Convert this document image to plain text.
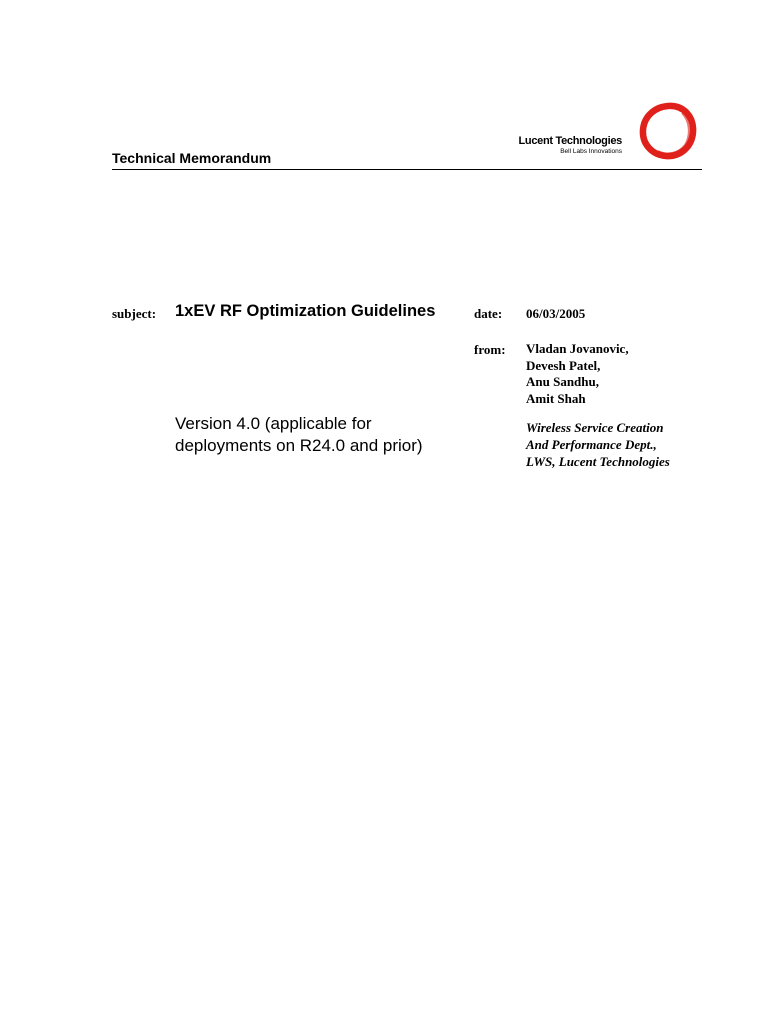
Lucent Technologies
Bell Labs Innovations
Technical Memorandum
subject: 1xEV RF Optimization Guidelines	date: 06/03/2005
from: Vladan Jovanovic,
Devesh Patel,
Anu Sandhu,
Amit Shah
Version 4.0 (applicable for
deployments on R24.0 and prior)
Wireless Service Creation
And Performance Dept.,
LWS, Lucent Technologies
